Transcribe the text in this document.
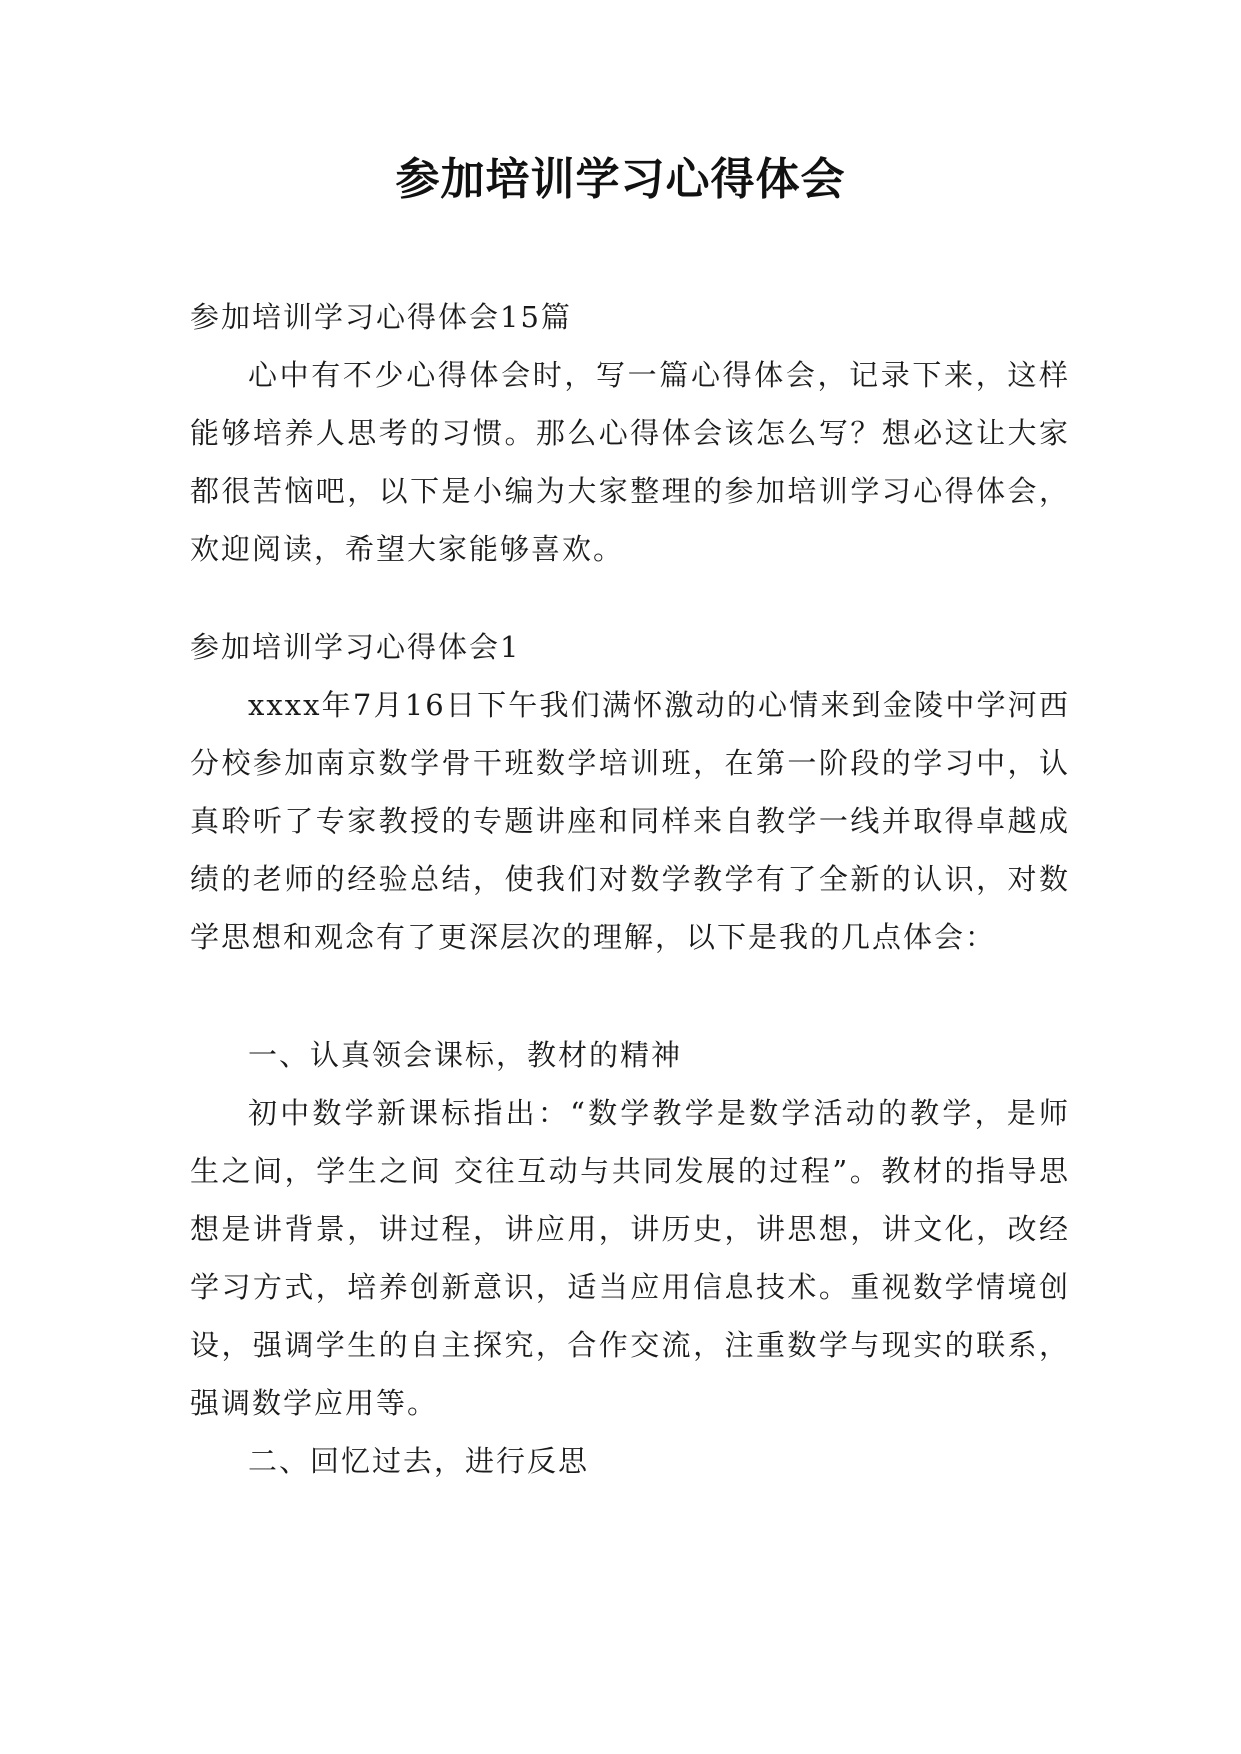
参加培训学习心得体会

参加培训学习心得体会15篇

心中有不少心得体会时，写一篇心得体会，记录下来，这样能够培养人思考的习惯。那么心得体会该怎么写？想必这让大家都很苦恼吧，以下是小编为大家整理的参加培训学习心得体会，欢迎阅读，希望大家能够喜欢。

参加培训学习心得体会1

xxxx年7月16日下午我们满怀激动的心情来到金陵中学河西分校参加南京数学骨干班数学培训班，在第一阶段的学习中，认真聆听了专家教授的专题讲座和同样来自教学一线并取得卓越成绩的老师的经验总结，使我们对数学教学有了全新的认识，对数学思想和观念有了更深层次的理解，以下是我的几点体会：

一、认真领会课标，教材的精神

初中数学新课标指出：“数学教学是数学活动的教学，是师生之间，学生之间 交往互动与共同发展的过程”。教材的指导思想是讲背景，讲过程，讲应用，讲历史，讲思想，讲文化，改经学习方式，培养创新意识，适当应用信息技术。重视数学情境创设，强调学生的自主探究，合作交流，注重数学与现实的联系，强调数学应用等。

二、回忆过去，进行反思
